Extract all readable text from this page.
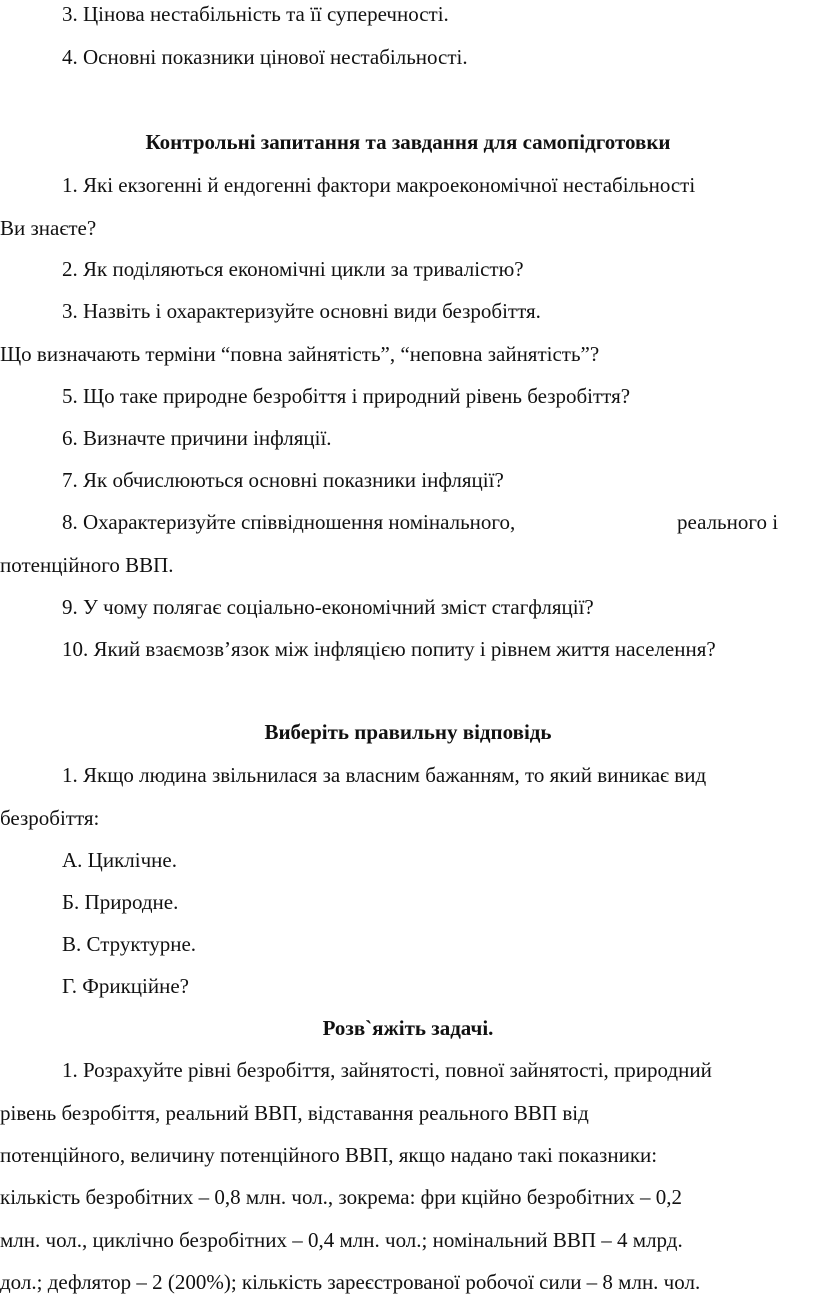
3. Цінова нестабільність та її суперечності.
4. Основні показники цінової нестабільності.
Контрольні запитання та завдання для самопідготовки
1. Які екзогенні й ендогенні фактори макроекономічної нестабільності
Ви знаєте?
2. Як поділяються економічні цикли за тривалістю?
3. Назвіть і охарактеризуйте основні види безробіття.
Що визначають терміни “повна зайнятість”, “неповна зайнятість”?
5. Що таке природне безробіття і природний рівень безробіття?
6. Визначте причини інфляції.
7. Як обчислюються основні показники інфляції?
8. Охарактеризуйте співвідношення номінального,	реального і
потенційного ВВП.
9. У чому полягає соціально-економічний зміст стагфляції?
10. Який взаємозв’язок між інфляцією попиту і рівнем життя населення?
Виберіть правильну відповідь
1. Якщо людина звільнилася за власним бажанням, то який виникає вид
безробіття:
А. Циклічне.
Б. Природне.
В. Структурне.
Г. Фрикційне?
Розв`яжіть задачі.
1. Розрахуйте рівні безробіття, зайнятості, повної зайнятості, природний
рівень безробіття, реальний ВВП, відставання реального ВВП від
потенційного, величину потенційного ВВП, якщо надано такі показники:
кількість безробітних – 0,8 млн. чол., зокрема: фри кційно безробітних – 0,2
млн. чол., циклічно безробітних – 0,4 млн. чол.; номінальний ВВП – 4 млрд.
дол.; дефлятор – 2 (200%); кількість зареєстрованої робочої сили – 8 млн. чол.
